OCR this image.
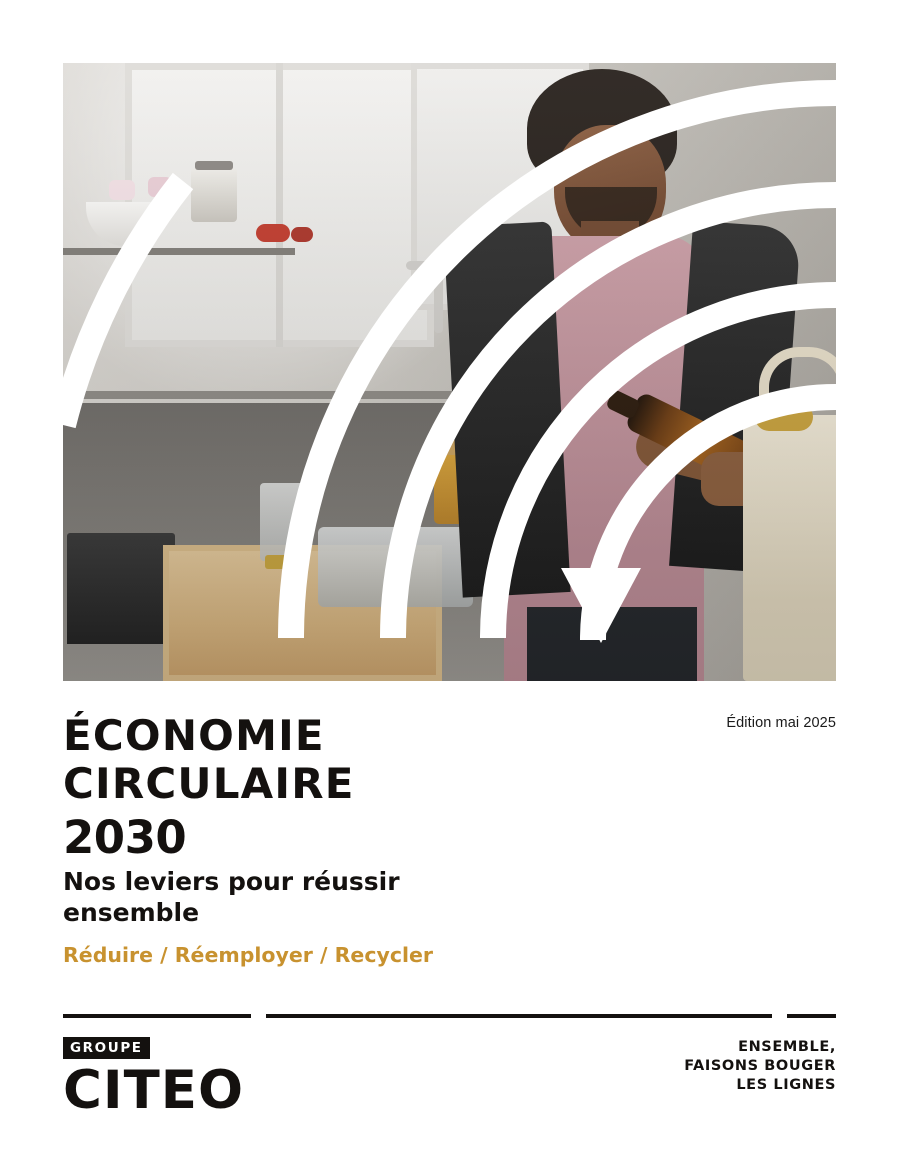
Édition mai 2025
ÉCONOMIE
CIRCULAIRE
2030
Nos leviers pour réussir ensemble
Réduire / Réemployer / Recycler
GROUPE
CITEO
ENSEMBLE,
FAISONS BOUGER
LES LIGNES
